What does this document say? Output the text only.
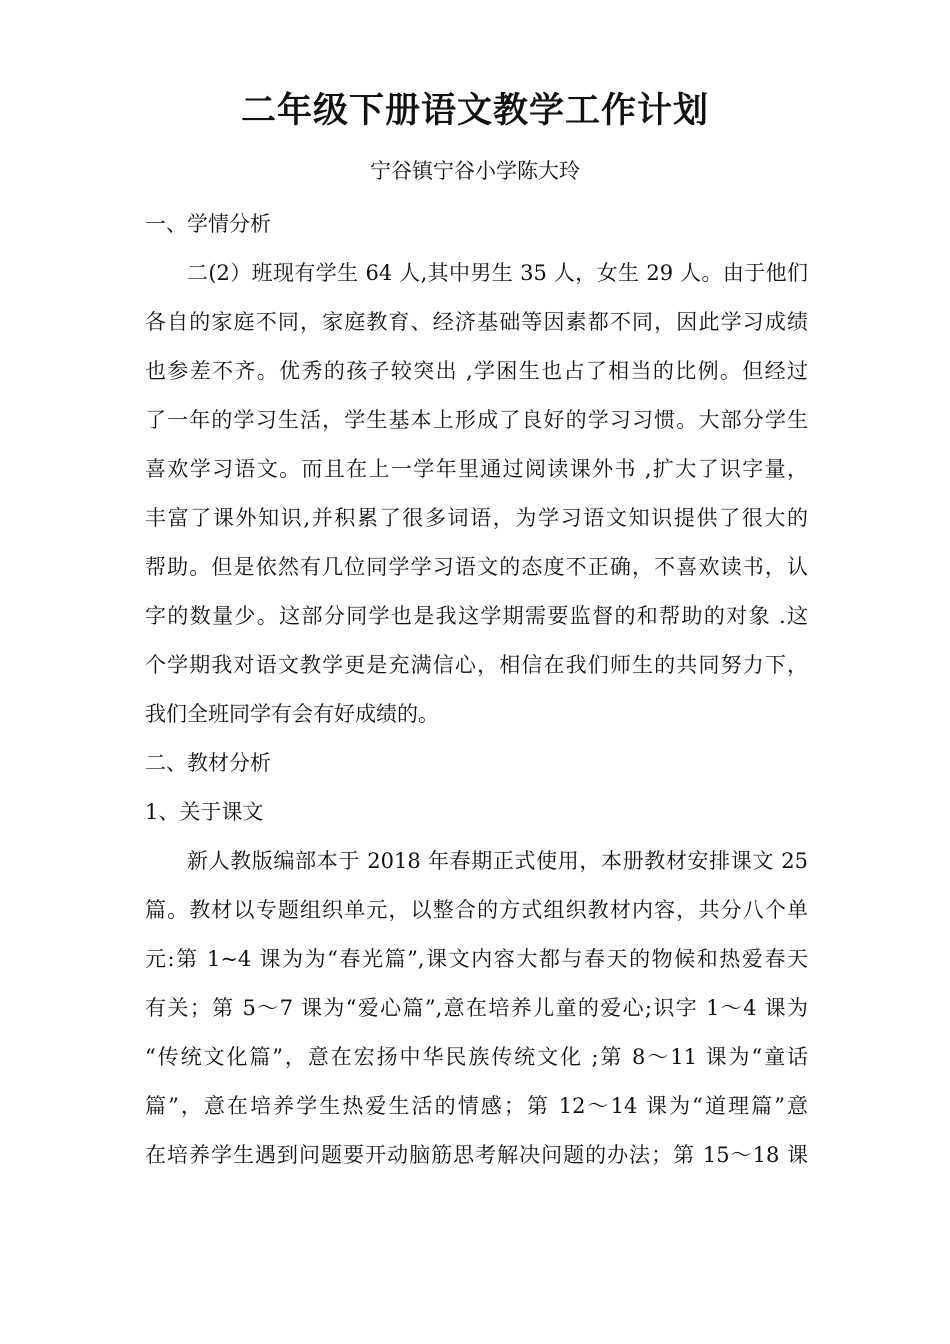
二年级下册语文教学工作计划

宁谷镇宁谷小学陈大玲

一、学情分析

二(2）班现有学生 64 人,其中男生 35 人，女生 29 人。由于他们

各自的家庭不同，家庭教育、经济基础等因素都不同，因此学习成绩

也参差不齐。优秀的孩子较突出 ,学困生也占了相当的比例。但经过

了一年的学习生活，学生基本上形成了良好的学习习惯。大部分学生

喜欢学习语文。而且在上一学年里通过阅读课外书 ,扩大了识字量，

丰富了课外知识,并积累了很多词语，为学习语文知识提供了很大的

帮助。但是依然有几位同学学习语文的态度不正确，不喜欢读书，认

字的数量少。这部分同学也是我这学期需要监督的和帮助的对象 .这

个学期我对语文教学更是充满信心，相信在我们师生的共同努力下，

我们全班同学有会有好成绩的。

二、教材分析

1、关于课文

新人教版编部本于 2018 年春期正式使用，本册教材安排课文 25

篇。教材以专题组织单元，以整合的方式组织教材内容，共分八个单

元:第 1~4 课为为“春光篇”,课文内容大都与春天的物候和热爱春天

有关；第 5～7 课为“爱心篇”,意在培养儿童的爱心;识字 1～4 课为

“传统文化篇”，意在宏扬中华民族传统文化 ;第 8～11 课为“童话

篇”，意在培养学生热爱生活的情感；第 12～14 课为“道理篇”意

在培养学生遇到问题要开动脑筋思考解决问题的办法；第 15～18 课
